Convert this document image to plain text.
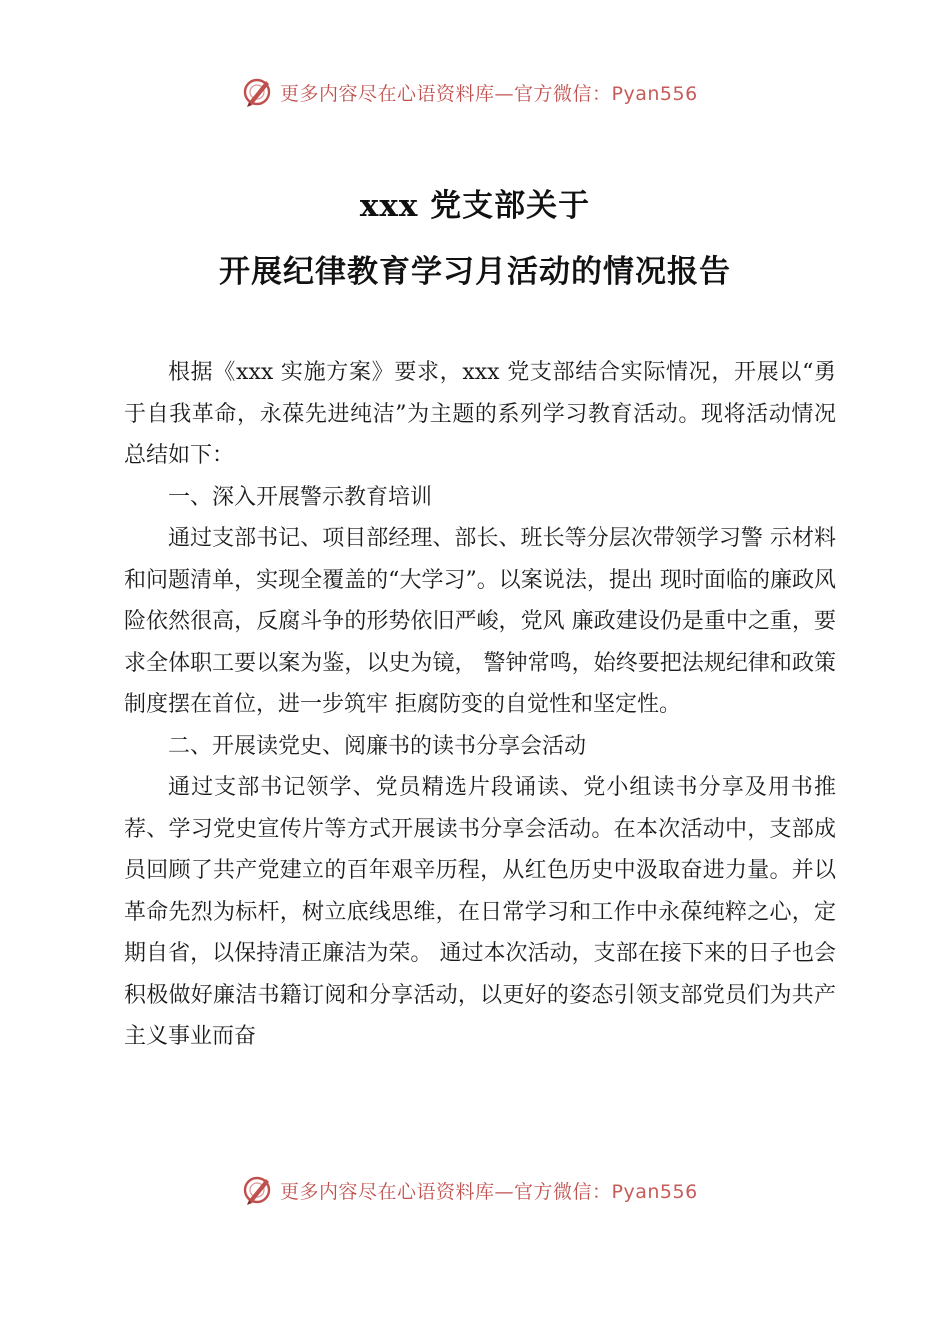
更多内容尽在心语资料库—官方微信：Pyan556
xxx 党支部关于
开展纪律教育学习月活动的情况报告

根据《xxx 实施方案》要求，xxx 党支部结合实际情况，开展以“勇于自我革命，永葆先进纯洁”为主题的系列学习教育活动。现将活动情况总结如下：

一、深入开展警示教育培训

通过支部书记、项目部经理、部长、班长等分层次带领学习警 示材料和问题清单，实现全覆盖的“大学习”。以案说法，提出 现时面临的廉政风险依然很高，反腐斗争的形势依旧严峻，党风 廉政建设仍是重中之重，要求全体职工要以案为鉴，以史为镜， 警钟常鸣，始终要把法规纪律和政策制度摆在首位，进一步筑牢 拒腐防变的自觉性和坚定性。

二、开展读党史、阅廉书的读书分享会活动

通过支部书记领学、党员精选片段诵读、党小组读书分享及用书推荐、学习党史宣传片等方式开展读书分享会活动。在本次活动中，支部成员回顾了共产党建立的百年艰辛历程，从红色历史中汲取奋进力量。并以革命先烈为标杆，树立底线思维，在日常学习和工作中永葆纯粹之心，定期自省，以保持清正廉洁为荣。 通过本次活动，支部在接下来的日子也会积极做好廉洁书籍订阅和分享活动，以更好的姿态引领支部党员们为共产主义事业而奋

更多内容尽在心语资料库—官方微信：Pyan556
